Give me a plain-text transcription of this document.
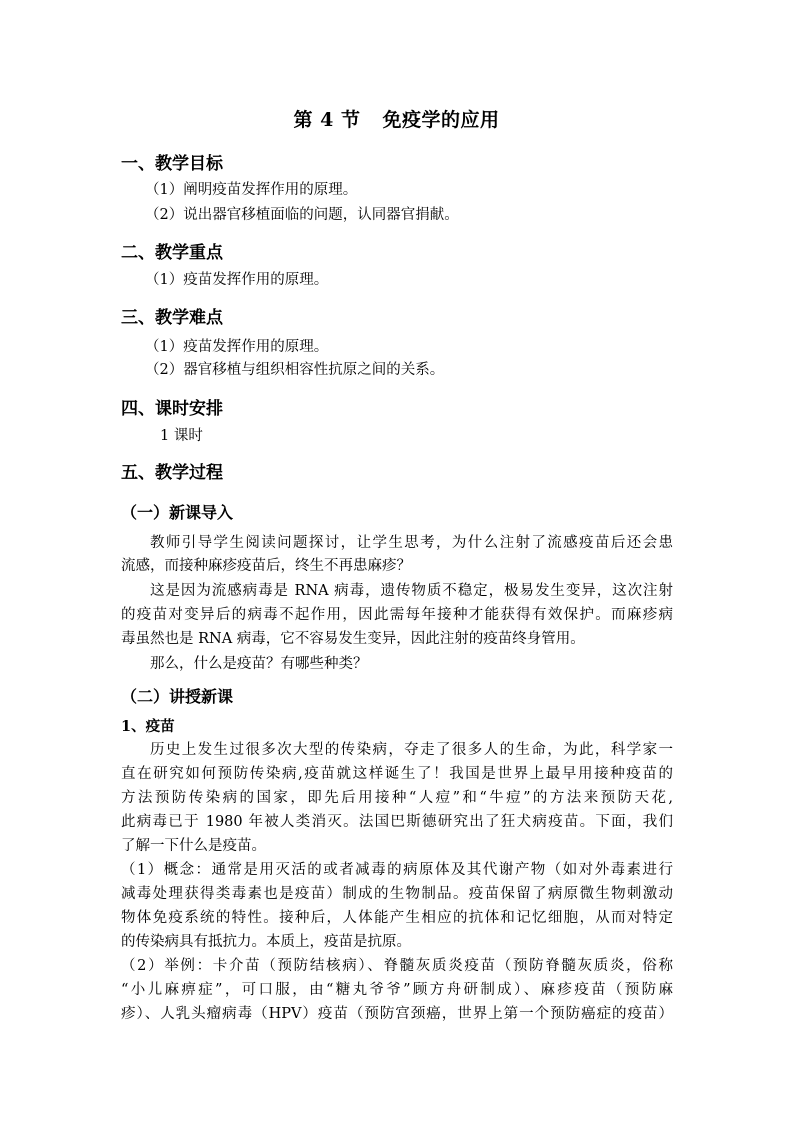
第 4 节 免疫学的应用
一、教学目标
（1）阐明疫苗发挥作用的原理。
（2）说出器官移植面临的问题，认同器官捐献。
二、教学重点
（1）疫苗发挥作用的原理。
三、教学难点
（1）疫苗发挥作用的原理。
（2）器官移植与组织相容性抗原之间的关系。
四、课时安排
1 课时
五、教学过程
（一）新课导入
教师引导学生阅读问题探讨，让学生思考，为什么注射了流感疫苗后还会患
流感，而接种麻疹疫苗后，终生不再患麻疹？
这是因为流感病毒是 RNA 病毒，遗传物质不稳定，极易发生变异，这次注射
的疫苗对变异后的病毒不起作用，因此需每年接种才能获得有效保护。而麻疹病
毒虽然也是 RNA 病毒，它不容易发生变异，因此注射的疫苗终身管用。
那么，什么是疫苗？有哪些种类？
（二）讲授新课
1、疫苗
历史上发生过很多次大型的传染病，夺走了很多人的生命，为此，科学家一
直在研究如何预防传染病,疫苗就这样诞生了！我国是世界上最早用接种疫苗的
方法预防传染病的国家，即先后用接种“人痘”和“牛痘”的方法来预防天花,
此病毒已于 1980 年被人类消灭。法国巴斯德研究出了狂犬病疫苗。下面，我们
了解一下什么是疫苗。
（1）概念：通常是用灭活的或者减毒的病原体及其代谢产物（如对外毒素进行
减毒处理获得类毒素也是疫苗）制成的生物制品。疫苗保留了病原微生物刺激动
物体免疫系统的特性。接种后，人体能产生相应的抗体和记忆细胞，从而对特定
的传染病具有抵抗力。本质上，疫苗是抗原。
（2）举例：卡介苗（预防结核病）、脊髓灰质炎疫苗（预防脊髓灰质炎，俗称
“小儿麻痹症”，可口服，由“糖丸爷爷”顾方舟研制成）、麻疹疫苗（预防麻
疹）、人乳头瘤病毒（HPV）疫苗（预防宫颈癌，世界上第一个预防癌症的疫苗）
